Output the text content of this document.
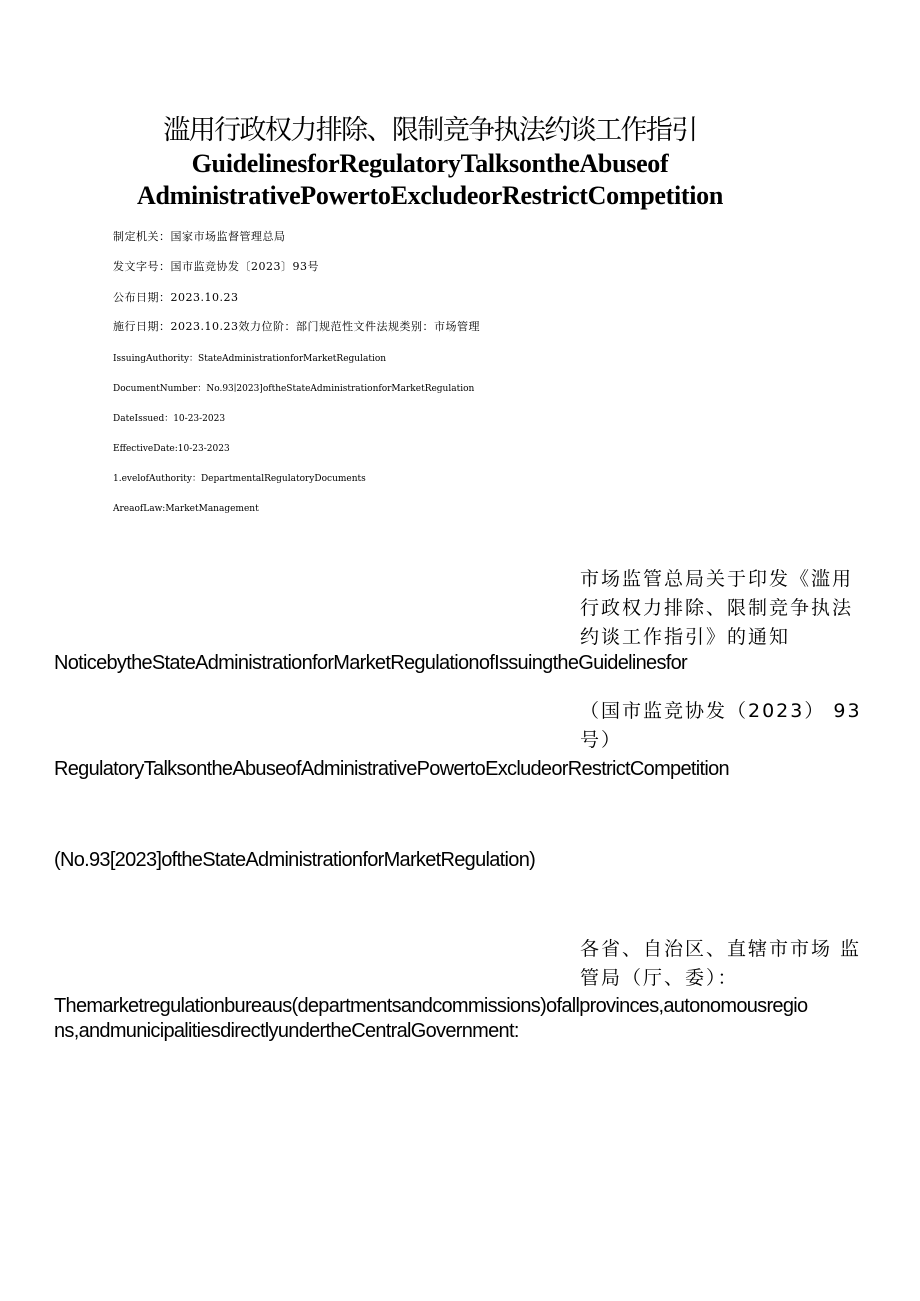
滥用行政权力排除、限制竞争执法约谈工作指引
GuidelinesforRegulatoryTalksontheAbuseof
AdministrativePowertoExcludeorRestrictCompetition
制定机关：国家市场监督管理总局
发文字号：国市监竞协发〔2023〕93号
公布日期：2023.10.23
施行日期：2023.10.23效力位阶：部门规范性文件法规类别：市场管理
IssuingAuthority：StateAdministrationforMarketRegulation
DocumentNumber：No.93∣2023]oftheStateAdministrationforMarketRegulation
DateIssued：10-23-2023
EffectiveDate:10-23-2023
1.evelofAuthority：DepartmentalRegulatoryDocuments
AreaofLaw:MarketManagement
市场监管总局关于印发《滥用行政权力排除、限制竞争执法约谈工作指引》的通知
NoticebytheStateAdministrationforMarketRegulationofIssuingtheGuidelinesfor
（国市监竞协发（2023） 93号）
RegulatoryTalksontheAbuseofAdministrativePowertoExcludeorRestrictCompetition
(No.93[2023]oftheStateAdministrationforMarketRegulation)
各省、自治区、直辖市市场 监管局（厅、委）：
Themarketregulationbureaus(departmentsandcommissions)ofallprovinces,autonomousregions,andmunicipalitiesdirectlyundertheCentralGovernment:
